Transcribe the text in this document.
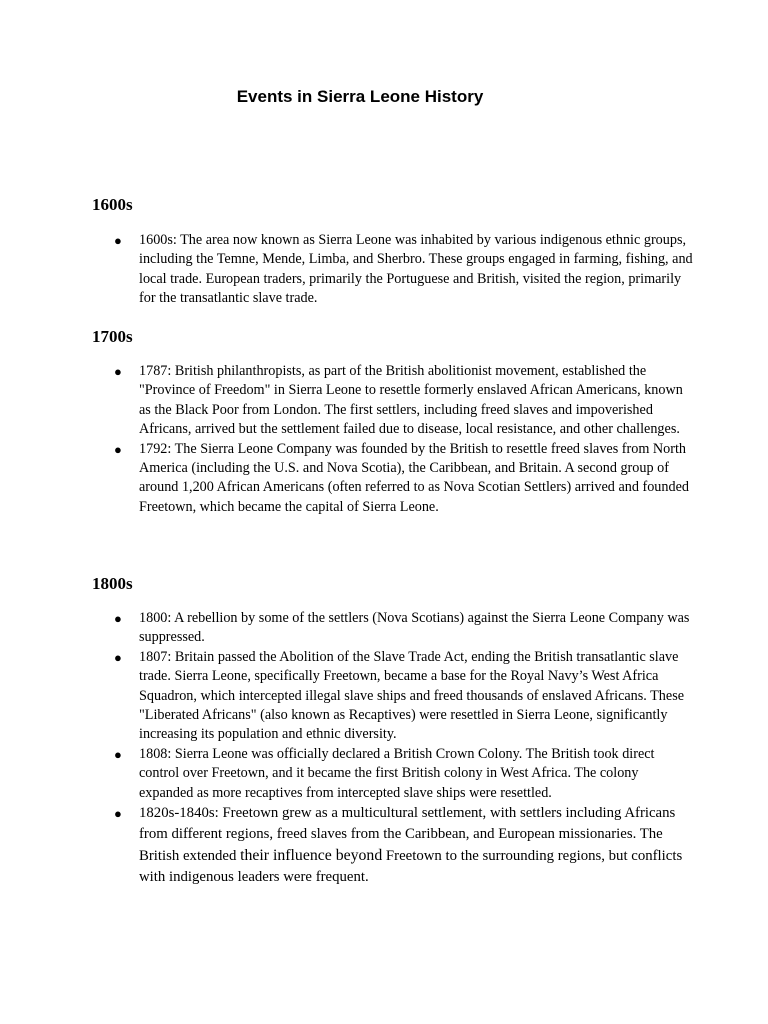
Events in Sierra Leone History
1600s
● 1600s: The area now known as Sierra Leone was inhabited by various indigenous ethnic groups, including the Temne, Mende, Limba, and Sherbro. These groups engaged in farming, fishing, and local trade. European traders, primarily the Portuguese and British, visited the region, primarily for the transatlantic slave trade.
1700s
● 1787: British philanthropists, as part of the British abolitionist movement, established the "Province of Freedom" in Sierra Leone to resettle formerly enslaved African Americans, known as the Black Poor from London. The first settlers, including freed slaves and impoverished Africans, arrived but the settlement failed due to disease, local resistance, and other challenges.
● 1792: The Sierra Leone Company was founded by the British to resettle freed slaves from North America (including the U.S. and Nova Scotia), the Caribbean, and Britain. A second group of around 1,200 African Americans (often referred to as Nova Scotian Settlers) arrived and founded Freetown, which became the capital of Sierra Leone.
1800s
● 1800: A rebellion by some of the settlers (Nova Scotians) against the Sierra Leone Company was suppressed.
● 1807: Britain passed the Abolition of the Slave Trade Act, ending the British transatlantic slave trade. Sierra Leone, specifically Freetown, became a base for the Royal Navy’s West Africa Squadron, which intercepted illegal slave ships and freed thousands of enslaved Africans. These "Liberated Africans" (also known as Recaptives) were resettled in Sierra Leone, significantly increasing its population and ethnic diversity.
● 1808: Sierra Leone was officially declared a British Crown Colony. The British took direct control over Freetown, and it became the first British colony in West Africa. The colony expanded as more recaptives from intercepted slave ships were resettled.
● 1820s-1840s: Freetown grew as a multicultural settlement, with settlers including Africans from different regions, freed slaves from the Caribbean, and European missionaries. The British extended their influence beyond Freetown to the surrounding regions, but conflicts with indigenous leaders were frequent.
